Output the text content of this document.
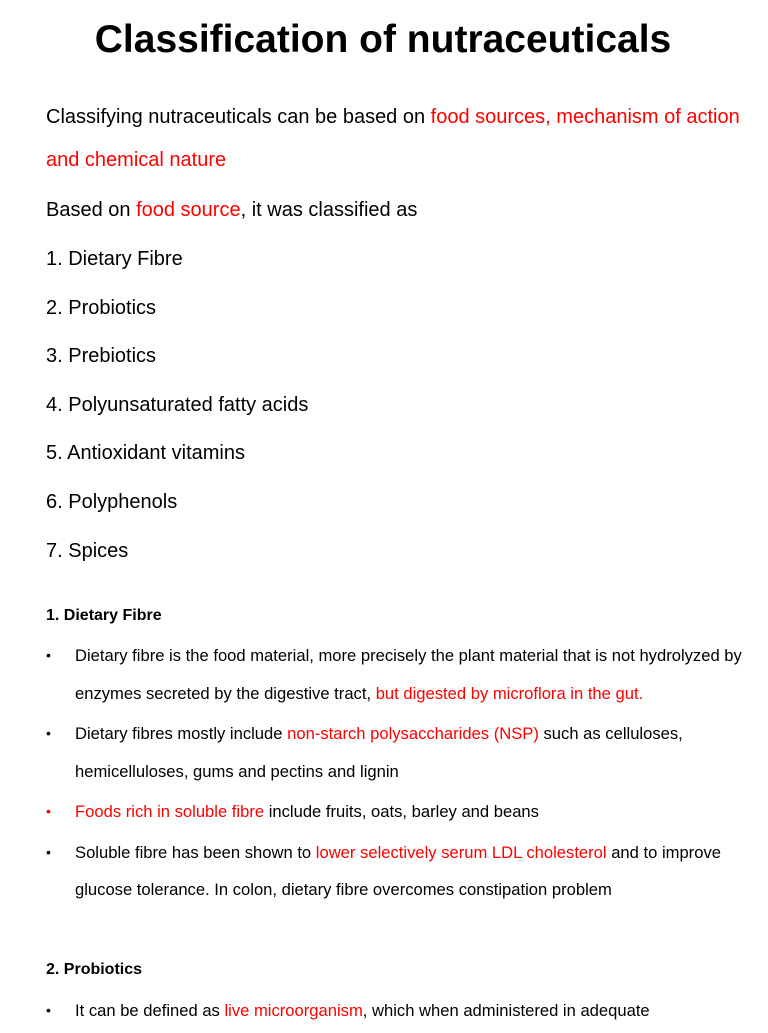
Classification of nutraceuticals

Classifying nutraceuticals can be based on food sources, mechanism of action and chemical nature

Based on food source, it was classified as

1. Dietary Fibre
2. Probiotics
3. Prebiotics
4. Polyunsaturated fatty acids
5. Antioxidant vitamins
6. Polyphenols
7. Spices
1. Dietary Fibre
• Dietary fibre is the food material, more precisely the plant material that is not hydrolyzed by enzymes secreted by the digestive tract, but digested by microflora in the gut.
• Dietary fibres mostly include non-starch polysaccharides (NSP) such as celluloses, hemicelluloses, gums and pectins and lignin
• Foods rich in soluble fibre include fruits, oats, barley and beans
• Soluble fibre has been shown to lower selectively serum LDL cholesterol and to improve glucose tolerance. In colon, dietary fibre overcomes constipation problem
2. Probiotics
• It can be defined as live microorganism, which when administered in adequate
